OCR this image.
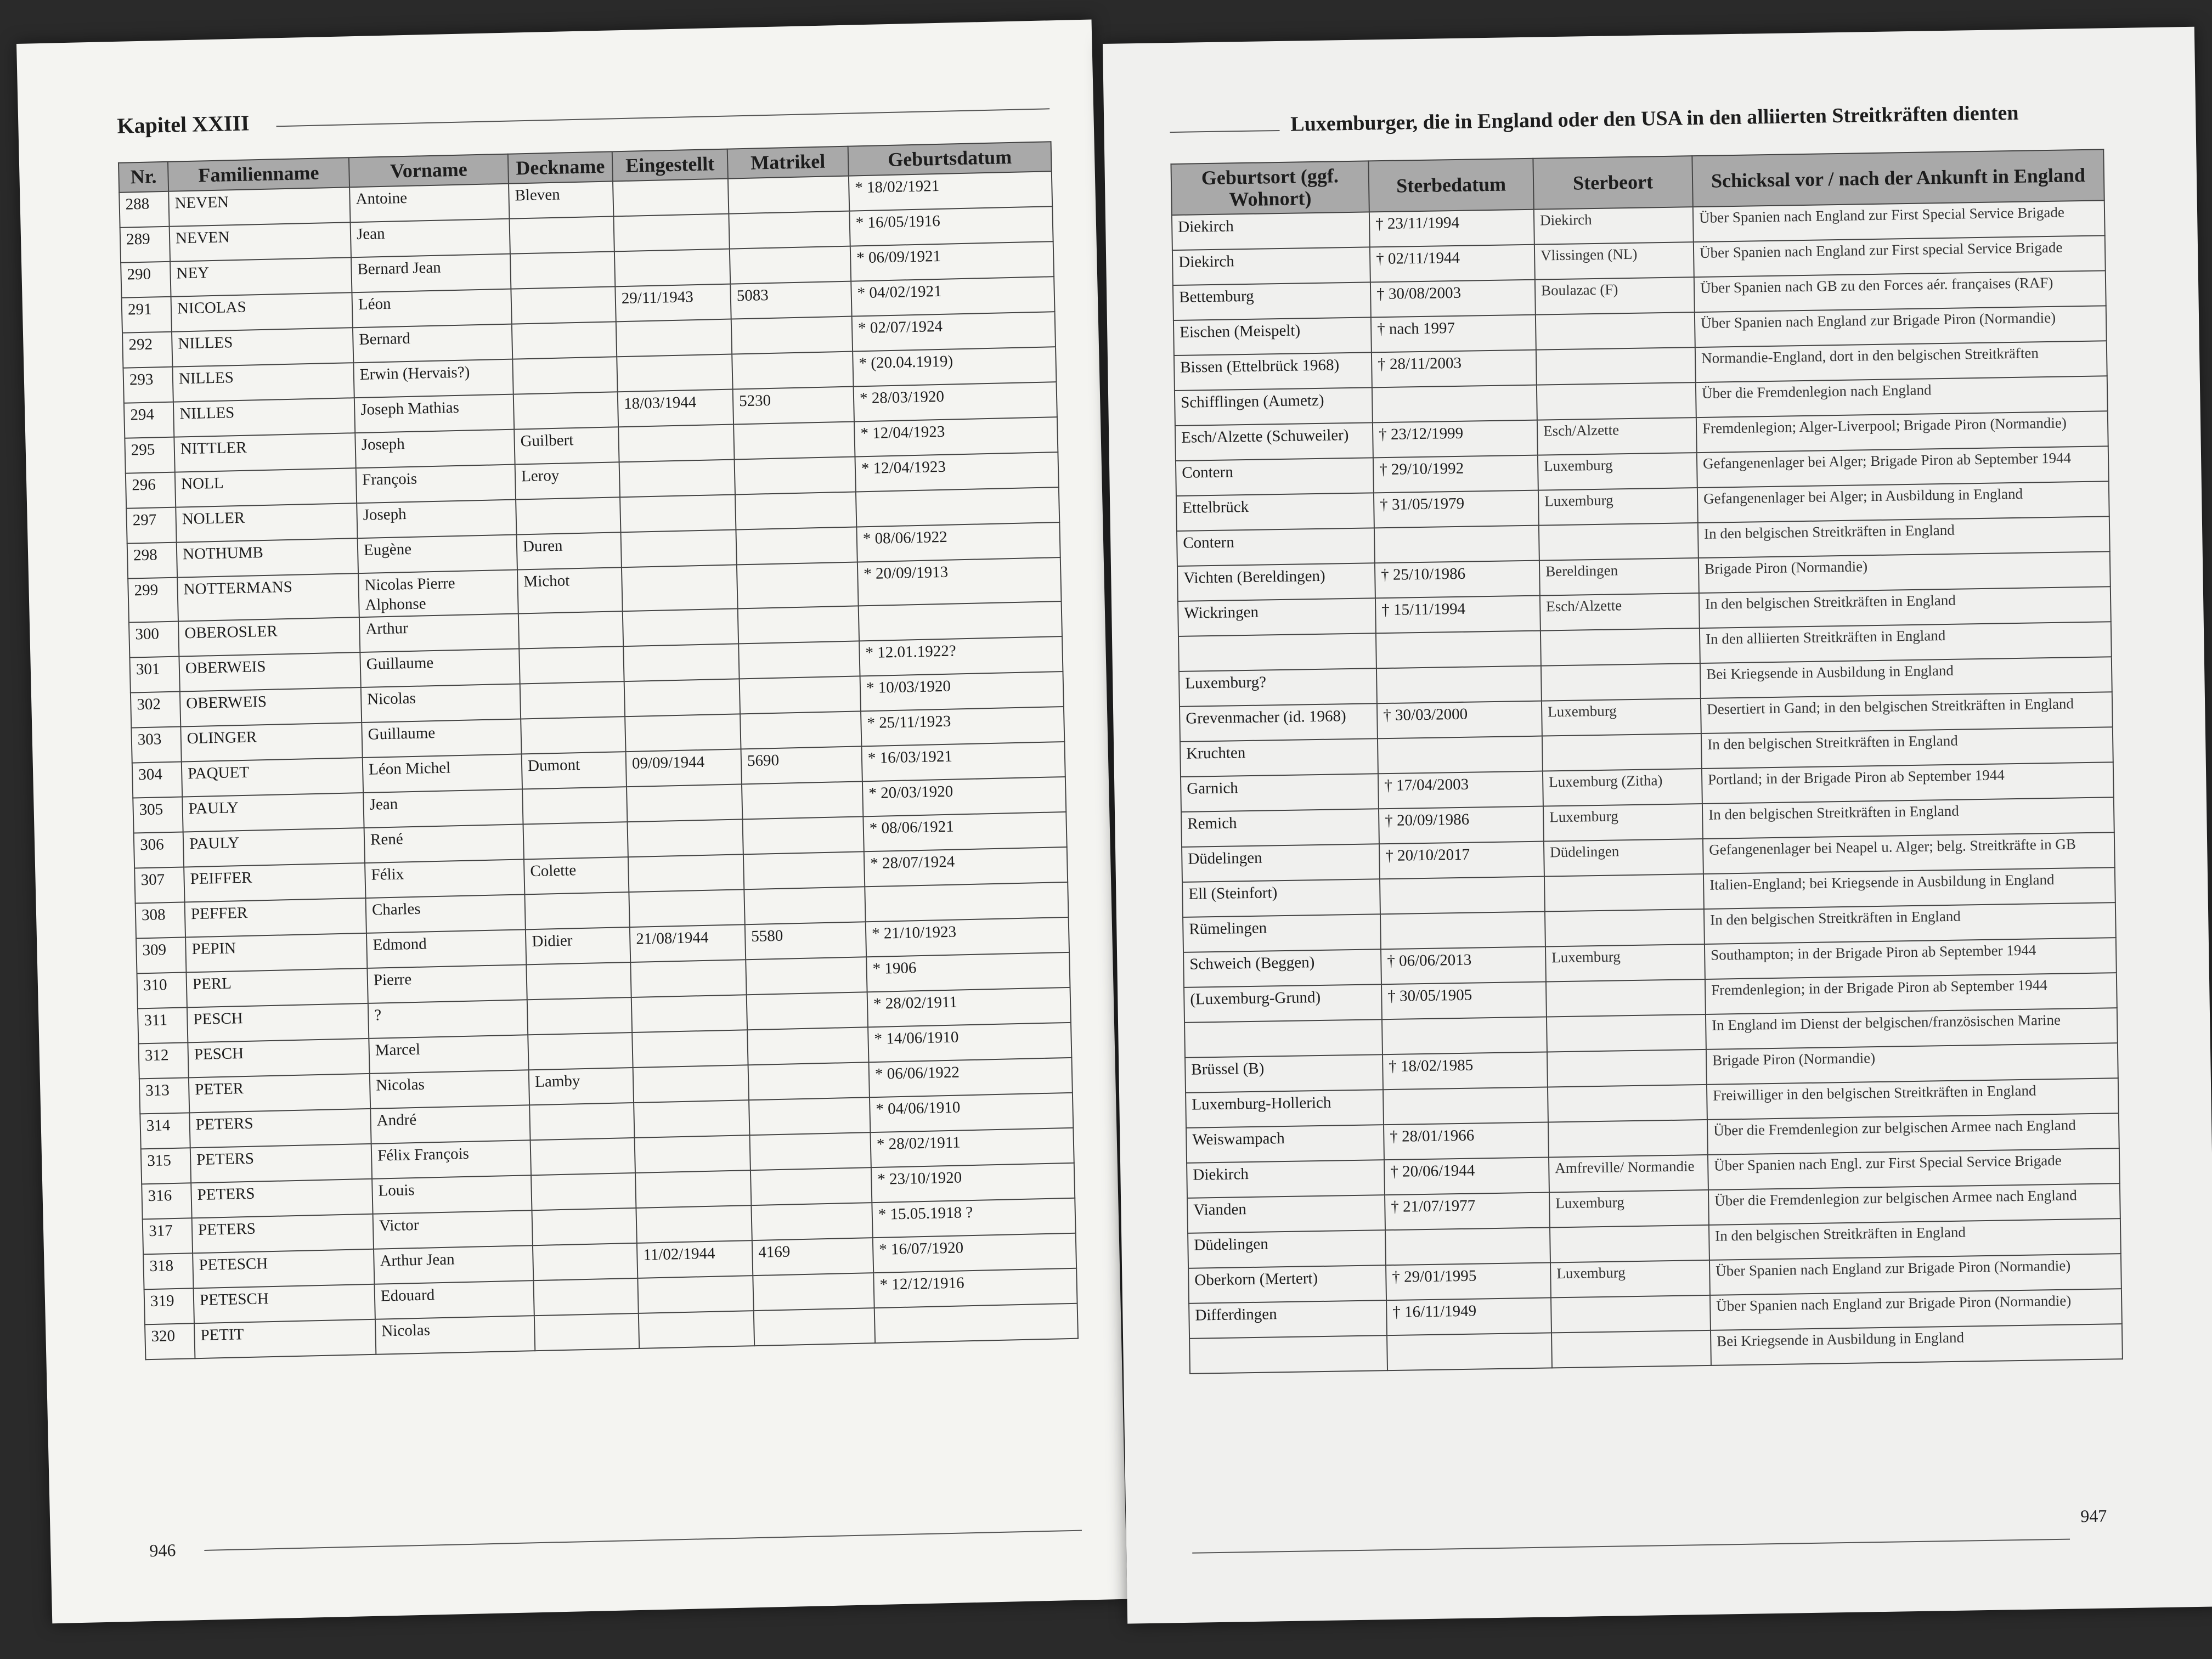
Kapitel XXIII
Nr.	Familienname	Vorname	Deckname	Eingestellt	Matrikel	Geburtsdatum
288	NEVEN	Antoine	Bleven			* 18/02/1921
289	NEVEN	Jean				* 16/05/1916
290	NEY	Bernard Jean				* 06/09/1921
291	NICOLAS	Léon		29/11/1943	5083	* 04/02/1921
292	NILLES	Bernard				* 02/07/1924
293	NILLES	Erwin (Hervais?)				* (20.04.1919)
294	NILLES	Joseph Mathias		18/03/1944	5230	* 28/03/1920
295	NITTLER	Joseph	Guilbert			* 12/04/1923
296	NOLL	François	Leroy			* 12/04/1923
297	NOLLER	Joseph				
298	NOTHUMB	Eugène	Duren			* 08/06/1922
299	NOTTERMANS	Nicolas Pierre Alphonse	Michot			* 20/09/1913
300	OBEROSLER	Arthur				
301	OBERWEIS	Guillaume				* 12.01.1922?
302	OBERWEIS	Nicolas				* 10/03/1920
303	OLINGER	Guillaume				* 25/11/1923
304	PAQUET	Léon Michel	Dumont	09/09/1944	5690	* 16/03/1921
305	PAULY	Jean				* 20/03/1920
306	PAULY	René				* 08/06/1921
307	PEIFFER	Félix	Colette			* 28/07/1924
308	PEFFER	Charles				
309	PEPIN	Edmond	Didier	21/08/1944	5580	* 21/10/1923
310	PERL	Pierre				* 1906
311	PESCH	?				* 28/02/1911
312	PESCH	Marcel				* 14/06/1910
313	PETER	Nicolas	Lamby			* 06/06/1922
314	PETERS	André				* 04/06/1910
315	PETERS	Félix François				* 28/02/1911
316	PETERS	Louis				* 23/10/1920
317	PETERS	Victor				* 15.05.1918 ?
318	PETESCH	Arthur Jean		11/02/1944	4169	* 16/07/1920
319	PETESCH	Edouard				* 12/12/1916
320	PETIT	Nicolas				
946
Luxemburger, die in England oder den USA in den alliierten Streitkräften dienten
Geburtsort (ggf. Wohnort)	Sterbedatum	Sterbeort	Schicksal vor / nach der Ankunft in England
Diekirch	† 23/11/1994	Diekirch	Über Spanien nach England zur First Special Service Brigade
Diekirch	† 02/11/1944	Vlissingen (NL)	Über Spanien nach England zur First special Service Brigade
Bettemburg	† 30/08/2003	Boulazac (F)	Über Spanien nach GB zu den Forces aér. françaises (RAF)
Eischen (Meispelt)	† nach 1997		Über Spanien nach England zur Brigade Piron (Normandie)
Bissen (Ettelbrück 1968)	† 28/11/2003		Normandie-England, dort in den belgischen Streitkräften
Schifflingen (Aumetz)			Über die Fremdenlegion nach England
Esch/Alzette (Schuweiler)	† 23/12/1999	Esch/Alzette	Fremdenlegion; Alger-Liverpool; Brigade Piron (Normandie)
Contern	† 29/10/1992	Luxemburg	Gefangenenlager bei Alger; Brigade Piron ab September 1944
Ettelbrück	† 31/05/1979	Luxemburg	Gefangenenlager bei Alger; in Ausbildung in England
Contern			In den belgischen Streitkräften in England
Vichten (Bereldingen)	† 25/10/1986	Bereldingen	Brigade Piron (Normandie)
Wickringen	† 15/11/1994	Esch/Alzette	In den belgischen Streitkräften in England
			In den alliierten Streitkräften in England
Luxemburg?			Bei Kriegsende in Ausbildung in England
Grevenmacher (id. 1968)	† 30/03/2000	Luxemburg	Desertiert in Gand; in den belgischen Streitkräften in England
Kruchten			In den belgischen Streitkräften in England
Garnich	† 17/04/2003	Luxemburg (Zitha)	Portland; in der Brigade Piron ab September 1944
Remich	† 20/09/1986	Luxemburg	In den belgischen Streitkräften in England
Düdelingen	† 20/10/2017	Düdelingen	Gefangenenlager bei Neapel u. Alger; belg. Streitkräfte in GB
Ell (Steinfort)			Italien-England; bei Kriegsende in Ausbildung in England
Rümelingen			In den belgischen Streitkräften in England
Schweich (Beggen)	† 06/06/2013	Luxemburg	Southampton; in der Brigade Piron ab September 1944
(Luxemburg-Grund)	† 30/05/1905		Fremdenlegion; in der Brigade Piron ab September 1944
			In England im Dienst der belgischen/französischen Marine
Brüssel (B)	† 18/02/1985		Brigade Piron (Normandie)
Luxemburg-Hollerich			Freiwilliger in den belgischen Streitkräften in England
Weiswampach	† 28/01/1966		Über die Fremdenlegion zur belgischen Armee nach England
Diekirch	† 20/06/1944	Amfreville/ Normandie	Über Spanien nach Engl. zur First Special Service Brigade
Vianden	† 21/07/1977	Luxemburg	Über die Fremdenlegion zur belgischen Armee nach England
Düdelingen			In den belgischen Streitkräften in England
Oberkorn (Mertert)	† 29/01/1995	Luxemburg	Über Spanien nach England zur Brigade Piron (Normandie)
Differdingen	† 16/11/1949		Über Spanien nach England zur Brigade Piron (Normandie)
			Bei Kriegsende in Ausbildung in England
947
